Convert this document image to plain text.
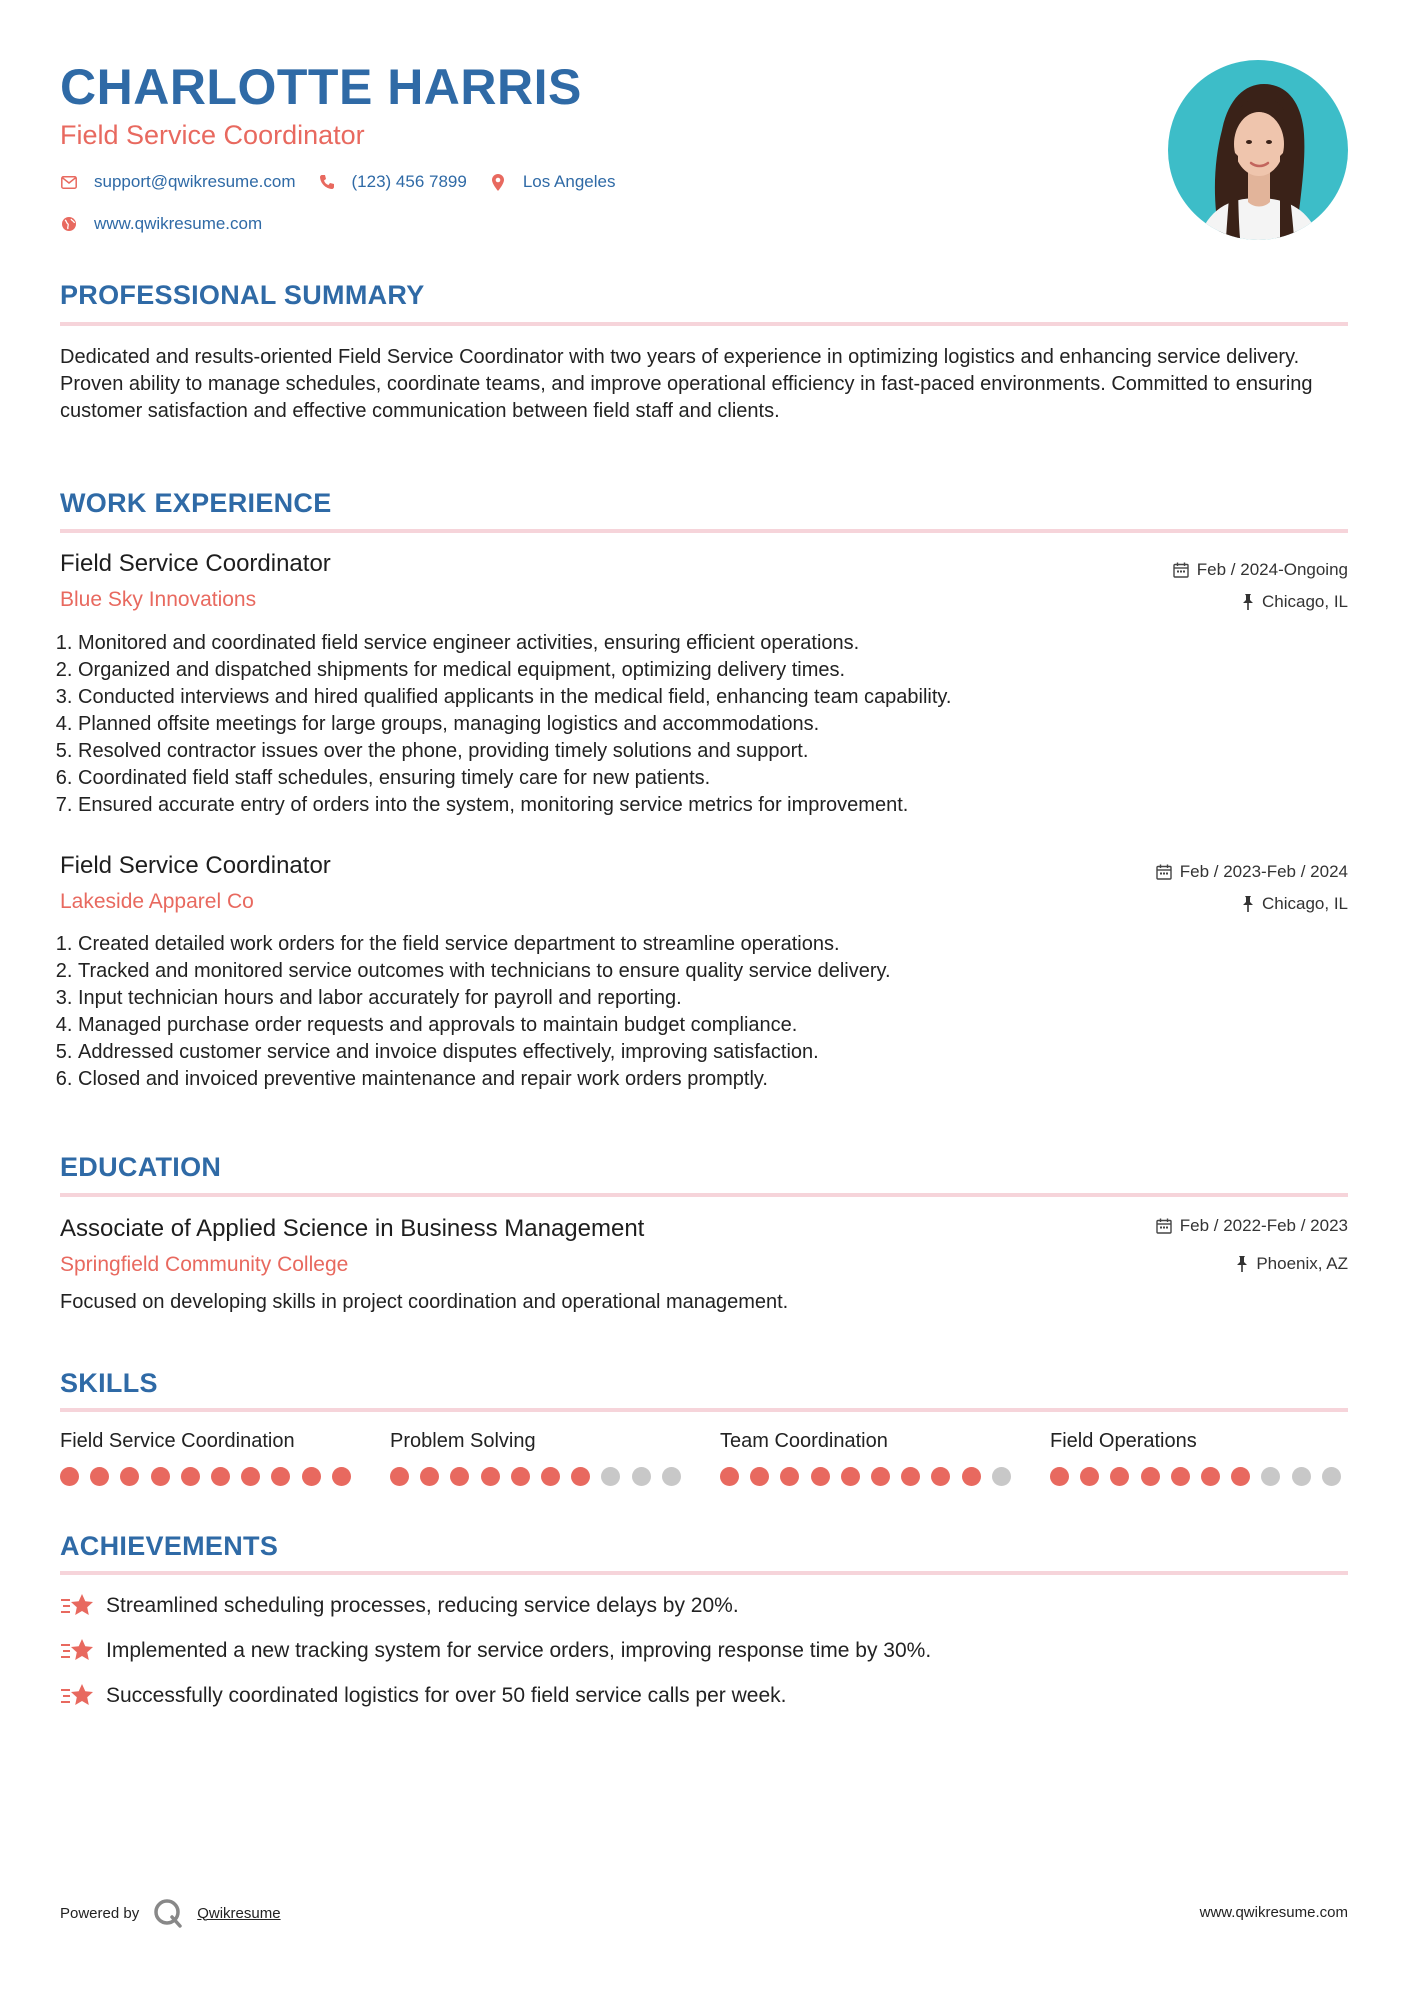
CHARLOTTE HARRIS
Field Service Coordinator
support@qwikresume.com	(123) 456 7899	Los Angeles
www.qwikresume.com
PROFESSIONAL SUMMARY
Dedicated and results-oriented Field Service Coordinator with two years of experience in optimizing logistics and enhancing service delivery. Proven ability to manage schedules, coordinate teams, and improve operational efficiency in fast-paced environments. Committed to ensuring customer satisfaction and effective communication between field staff and clients.
WORK EXPERIENCE
Field Service Coordinator
Blue Sky Innovations
Feb / 2024-Ongoing
Chicago, IL
1. Monitored and coordinated field service engineer activities, ensuring efficient operations.
2. Organized and dispatched shipments for medical equipment, optimizing delivery times.
3. Conducted interviews and hired qualified applicants in the medical field, enhancing team capability.
4. Planned offsite meetings for large groups, managing logistics and accommodations.
5. Resolved contractor issues over the phone, providing timely solutions and support.
6. Coordinated field staff schedules, ensuring timely care for new patients.
7. Ensured accurate entry of orders into the system, monitoring service metrics for improvement.
Field Service Coordinator
Lakeside Apparel Co
Feb / 2023-Feb / 2024
Chicago, IL
1. Created detailed work orders for the field service department to streamline operations.
2. Tracked and monitored service outcomes with technicians to ensure quality service delivery.
3. Input technician hours and labor accurately for payroll and reporting.
4. Managed purchase order requests and approvals to maintain budget compliance.
5. Addressed customer service and invoice disputes effectively, improving satisfaction.
6. Closed and invoiced preventive maintenance and repair work orders promptly.
EDUCATION
Associate of Applied Science in Business Management
Springfield Community College
Feb / 2022-Feb / 2023
Phoenix, AZ
Focused on developing skills in project coordination and operational management.
SKILLS
Field Service Coordination	Problem Solving	Team Coordination	Field Operations
ACHIEVEMENTS
Streamlined scheduling processes, reducing service delays by 20%.
Implemented a new tracking system for service orders, improving response time by 30%.
Successfully coordinated logistics for over 50 field service calls per week.
Powered by	Qwikresume	www.qwikresume.com
